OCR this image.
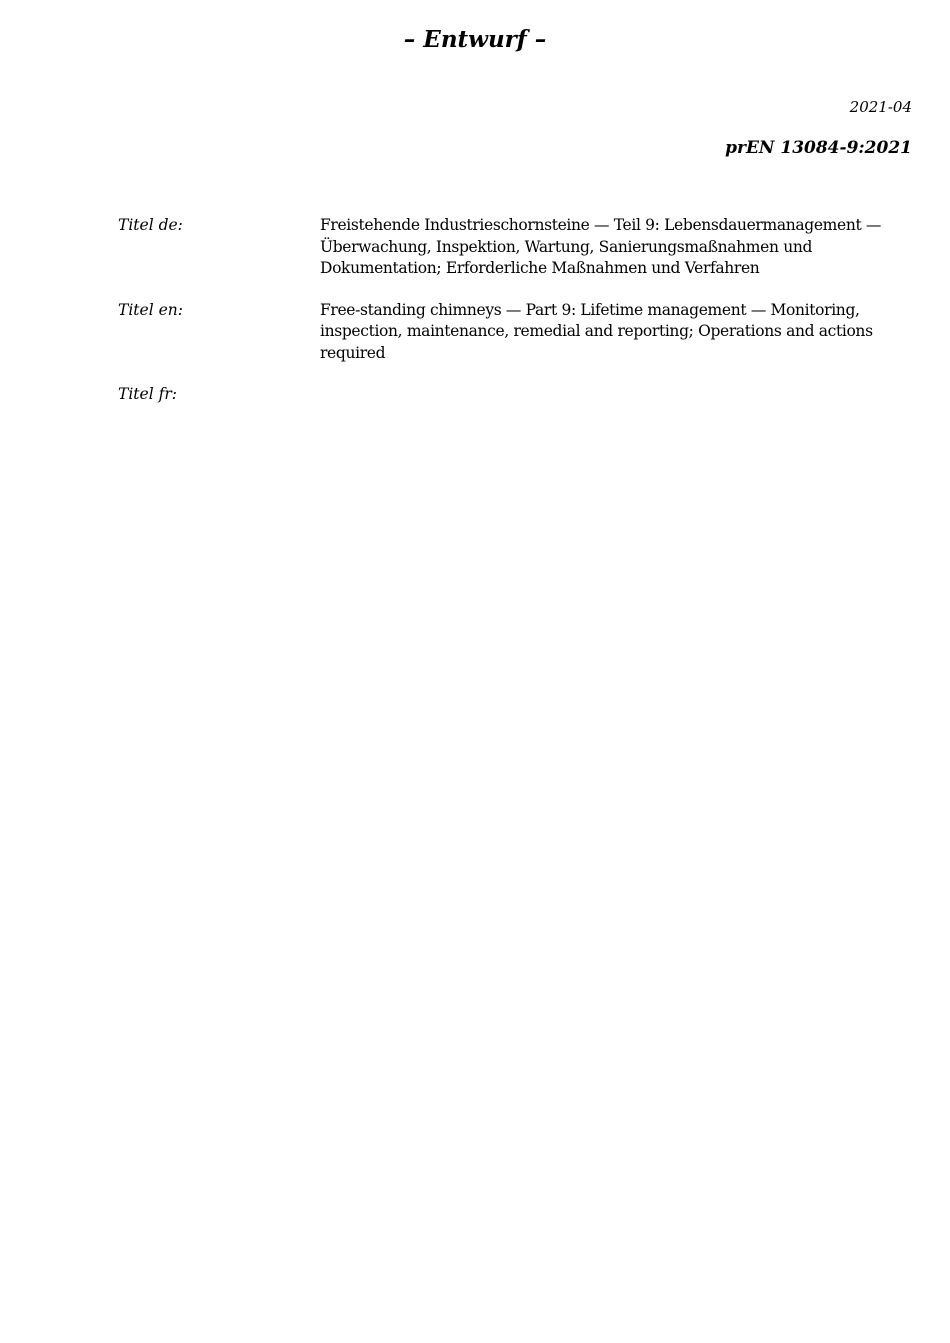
– Entwurf –
2021-04
prEN 13084-9:2021
Titel de:	Freistehende Industrieschornsteine — Teil 9: Lebensdauermanagement — Überwachung, Inspektion, Wartung, Sanierungsmaßnahmen und Dokumentation; Erforderliche Maßnahmen und Verfahren
Titel en:	Free-standing chimneys — Part 9: Lifetime management — Monitoring, inspection, maintenance, remedial and reporting; Operations and actions required
Titel fr:
